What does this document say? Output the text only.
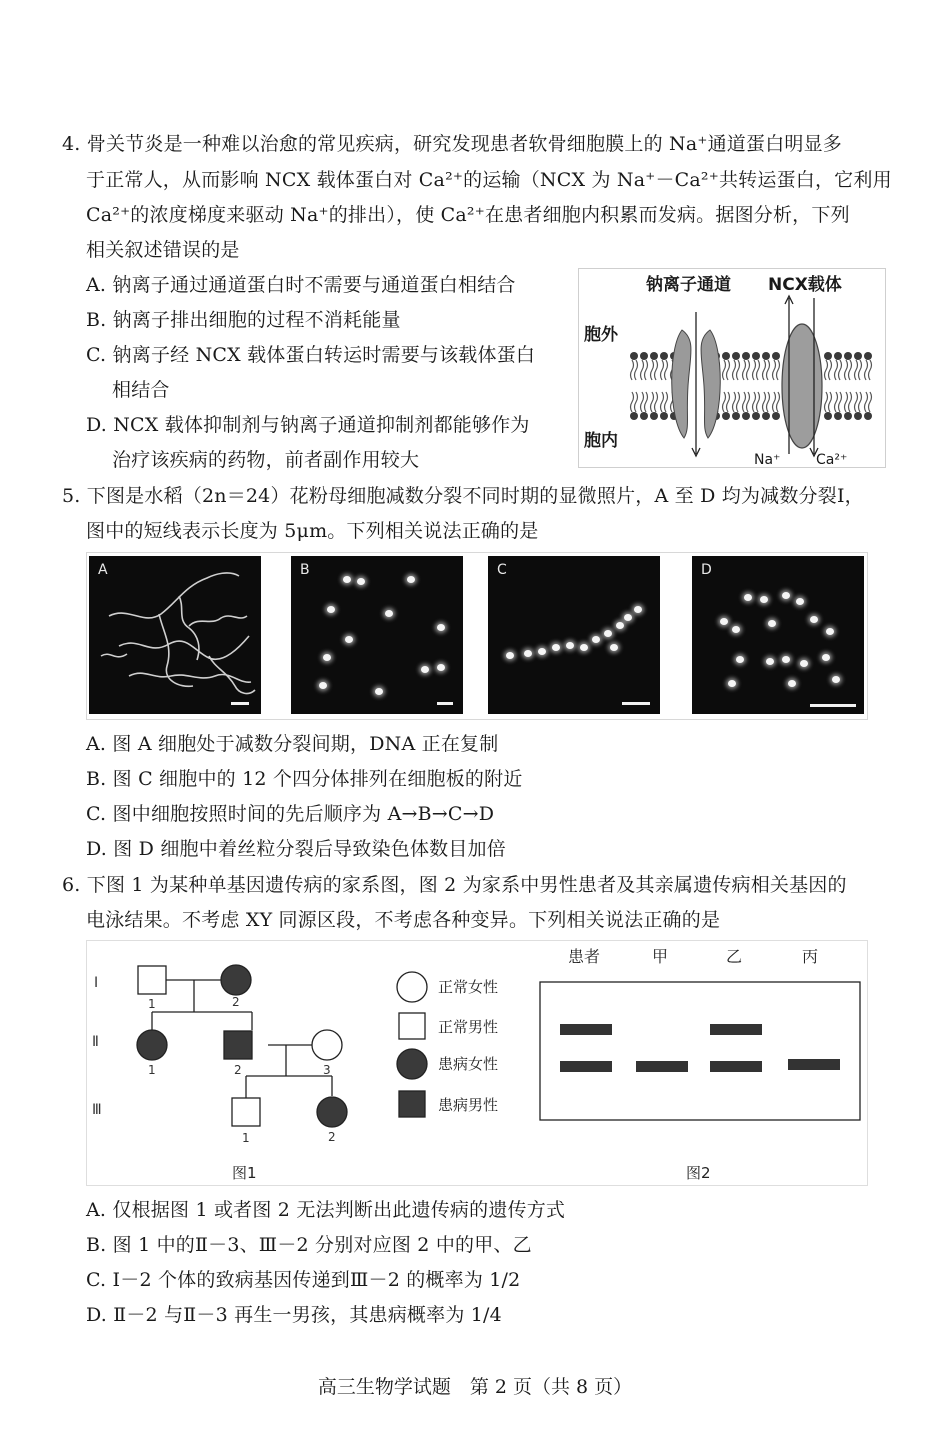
4. 骨关节炎是一种难以治愈的常见疾病，研究发现患者软骨细胞膜上的 Na⁺通道蛋白明显多
于正常人，从而影响 NCX 载体蛋白对 Ca²⁺的运输（NCX 为 Na⁺－Ca²⁺共转运蛋白，它利用
Ca²⁺的浓度梯度来驱动 Na⁺的排出），使 Ca²⁺在患者细胞内积累而发病。据图分析，下列
相关叙述错误的是
A. 钠离子通过通道蛋白时不需要与通道蛋白相结合
B. 钠离子排出细胞的过程不消耗能量
C. 钠离子经 NCX 载体蛋白转运时需要与该载体蛋白
相结合
D. NCX 载体抑制剂与钠离子通道抑制剂都能够作为
治疗该疾病的药物，前者副作用较大
钠离子通道 NCX载体
胞外
胞内
Na⁺	Ca²⁺
5. 下图是水稻（2n＝24）花粉母细胞减数分裂不同时期的显微照片，A 至 D 均为减数分裂Ⅰ，
图中的短线表示长度为 5μm。下列相关说法正确的是
A	B	C	D
A. 图 A 细胞处于减数分裂间期，DNA 正在复制
B. 图 C 细胞中的 12 个四分体排列在细胞板的附近
C. 图中细胞按照时间的先后顺序为 A→B→C→D
D. 图 D 细胞中着丝粒分裂后导致染色体数目加倍
6. 下图 1 为某种单基因遗传病的家系图，图 2 为家系中男性患者及其亲属遗传病相关基因的
电泳结果。不考虑 XY 同源区段，不考虑各种变异。下列相关说法正确的是
Ⅰ
Ⅱ
Ⅲ
1	2
1	2	3
1	2
正常女性
正常男性
患病女性
患病男性
图1
患者	甲	乙	丙
图2
A. 仅根据图 1 或者图 2 无法判断出此遗传病的遗传方式
B. 图 1 中的Ⅱ－3、Ⅲ－2 分别对应图 2 中的甲、乙
C. Ⅰ－2 个体的致病基因传递到Ⅲ－2 的概率为 1/2
D. Ⅱ－2 与Ⅱ－3 再生一男孩，其患病概率为 1/4
高三生物学试题　第 2 页（共 8 页）
